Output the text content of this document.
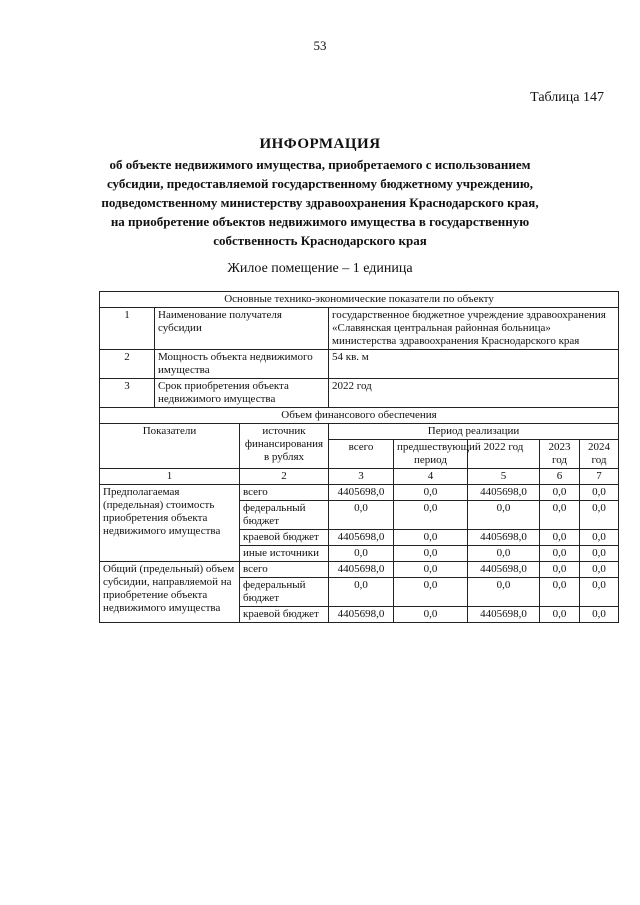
53
Таблица 147
ИНФОРМАЦИЯ
об объекте недвижимого имущества, приобретаемого с использованием
субсидии, предоставляемой государственному бюджетному учреждению,
подведомственному министерству здравоохранения Краснодарского края,
на приобретение объектов недвижимого имущества в государственную
собственность Краснодарского края
Жилое помещение – 1 единица
Основные технико-экономические показатели по объекту							
1	Наименование получателя субсидии		государственное бюджетное учреждение здравоохранения «Славянская центральная районная больница» министерства здравоохранения Краснодарского края				
2	Мощность объекта недвижимого имущества		54 кв. м				
3	Срок приобретения объекта недвижимого имущества		2022 год				
Объем финансового обеспечения							
Показатели		источник финансирования в рублях	Период реализации				
			всего	предшествующий период	2022 год	2023 год	2024 год
1		2	3	4	5	6	7
Предполагаемая (предельная) стоимость приобретения объекта недвижимого имущества		всего	4405698,0	0,0	4405698,0	0,0	0,0
		федеральный бюджет	0,0	0,0	0,0	0,0	0,0
		краевой бюджет	4405698,0	0,0	4405698,0	0,0	0,0
		иные источники	0,0	0,0	0,0	0,0	0,0
Общий (предельный) объем субсидии, направляемой на приобретение объекта недвижимого имущества		всего	4405698,0	0,0	4405698,0	0,0	0,0
		федеральный бюджет	0,0	0,0	0,0	0,0	0,0
		краевой бюджет	4405698,0	0,0	4405698,0	0,0	0,0
